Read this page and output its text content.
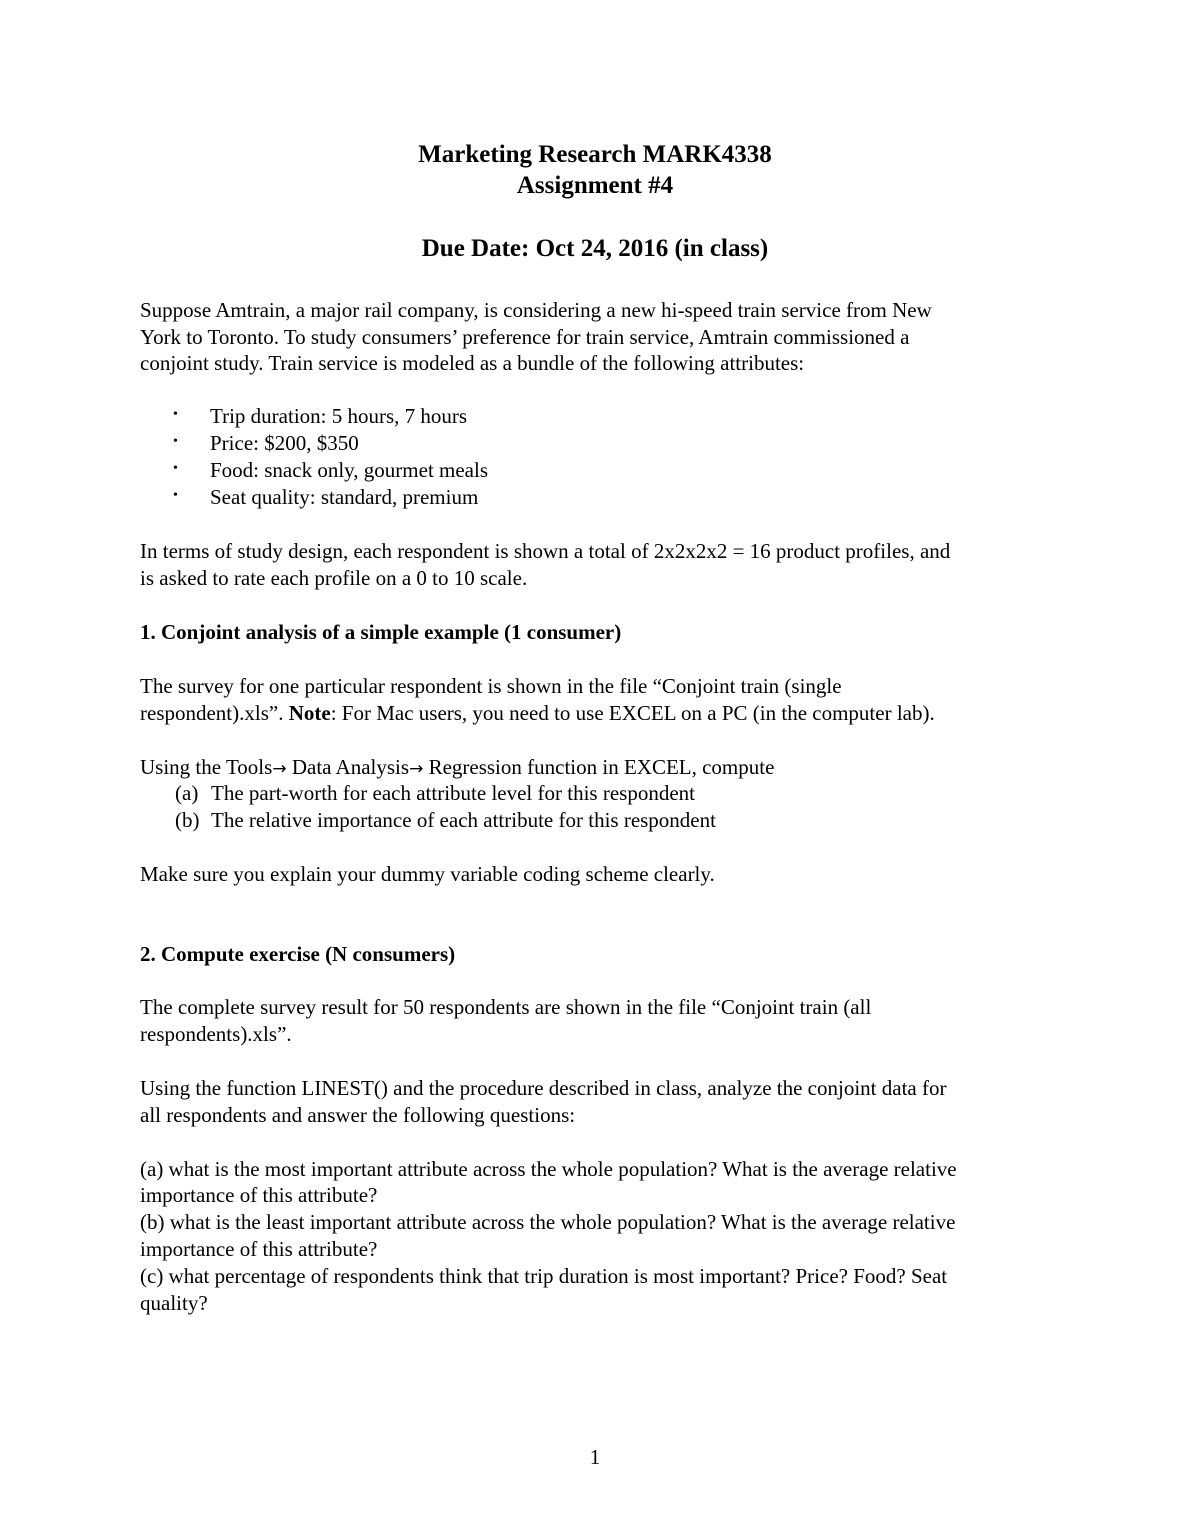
Marketing Research MARK4338

Assignment #4

Due Date: Oct 24, 2016 (in class)

Suppose Amtrain, a major rail company, is considering a new hi-speed train service from New

York to Toronto. To study consumers’ preference for train service, Amtrain commissioned a

conjoint study. Train service is modeled as a bundle of the following attributes:

• Trip duration: 5 hours, 7 hours

• Price: $200, $350

• Food: snack only, gourmet meals

• Seat quality: standard, premium

In terms of study design, each respondent is shown a total of 2x2x2x2 = 16 product profiles, and

is asked to rate each profile on a 0 to 10 scale.

1. Conjoint analysis of a simple example (1 consumer)

The survey for one particular respondent is shown in the file “Conjoint train (single

respondent).xls”. Note: For Mac users, you need to use EXCEL on a PC (in the computer lab).

Using the Tools→ Data Analysis→ Regression function in EXCEL, compute

(a) The part-worth for each attribute level for this respondent

(b) The relative importance of each attribute for this respondent

Make sure you explain your dummy variable coding scheme clearly.

2. Compute exercise (N consumers)

The complete survey result for 50 respondents are shown in the file “Conjoint train (all

respondents).xls”.

Using the function LINEST() and the procedure described in class, analyze the conjoint data for

all respondents and answer the following questions:

(a) what is the most important attribute across the whole population? What is the average relative

importance of this attribute?

(b) what is the least important attribute across the whole population? What is the average relative

importance of this attribute?

(c) what percentage of respondents think that trip duration is most important? Price? Food? Seat

quality?

1
